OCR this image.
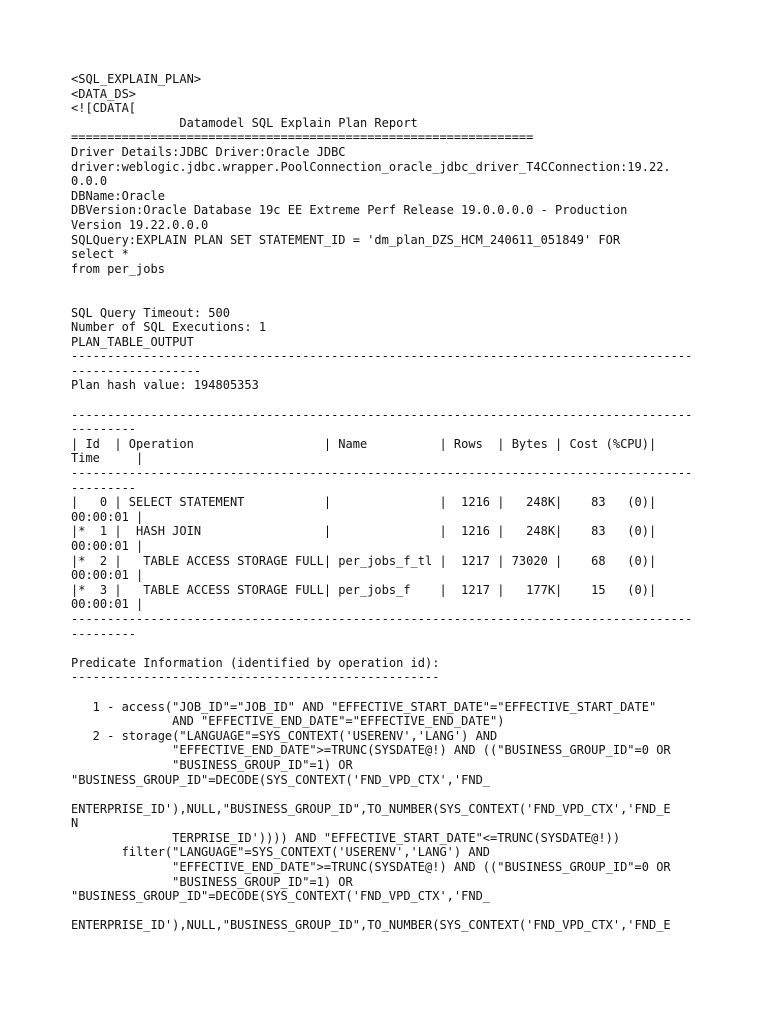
<SQL_EXPLAIN_PLAN>
<DATA_DS>
<![CDATA[
Datamodel SQL Explain Plan Report
================================================================
Driver Details:JDBC Driver:Oracle JDBC
driver:weblogic.jdbc.wrapper.PoolConnection_oracle_jdbc_driver_T4CConnection:19.22.
0.0.0
DBName:Oracle
DBVersion:Oracle Database 19c EE Extreme Perf Release 19.0.0.0.0 - Production
Version 19.22.0.0.0
SQLQuery:EXPLAIN PLAN SET STATEMENT_ID = 'dm_plan_DZS_HCM_240611_051849' FOR
select *
from per_jobs
SQL Query Timeout: 500
Number of SQL Executions: 1
PLAN_TABLE_OUTPUT
--------------------------------------------------------------------------------------
------------------
Plan hash value: 194805353
--------------------------------------------------------------------------------------
---------
| Id  | Operation                  | Name          | Rows  | Bytes | Cost (%CPU)|
Time     |
--------------------------------------------------------------------------------------
---------
|   0 | SELECT STATEMENT           |               |  1216 |   248K|    83   (0)|
00:00:01 |
|*  1 |  HASH JOIN                 |               |  1216 |   248K|    83   (0)|
00:00:01 |
|*  2 |   TABLE ACCESS STORAGE FULL| per_jobs_f_tl |  1217 | 73020 |    68   (0)|
00:00:01 |
|*  3 |   TABLE ACCESS STORAGE FULL| per_jobs_f    |  1217 |   177K|    15   (0)|
00:00:01 |
--------------------------------------------------------------------------------------
---------
Predicate Information (identified by operation id):
---------------------------------------------------
1 - access("JOB_ID"="JOB_ID" AND "EFFECTIVE_START_DATE"="EFFECTIVE_START_DATE"
AND "EFFECTIVE_END_DATE"="EFFECTIVE_END_DATE")
2 - storage("LANGUAGE"=SYS_CONTEXT('USERENV','LANG') AND
"EFFECTIVE_END_DATE">=TRUNC(SYSDATE@!) AND (("BUSINESS_GROUP_ID"=0 OR
"BUSINESS_GROUP_ID"=1) OR
"BUSINESS_GROUP_ID"=DECODE(SYS_CONTEXT('FND_VPD_CTX','FND_
ENTERPRISE_ID'),NULL,"BUSINESS_GROUP_ID",TO_NUMBER(SYS_CONTEXT('FND_VPD_CTX','FND_E
N
TERPRISE_ID')))) AND "EFFECTIVE_START_DATE"<=TRUNC(SYSDATE@!))
filter("LANGUAGE"=SYS_CONTEXT('USERENV','LANG') AND
"EFFECTIVE_END_DATE">=TRUNC(SYSDATE@!) AND (("BUSINESS_GROUP_ID"=0 OR
"BUSINESS_GROUP_ID"=1) OR
"BUSINESS_GROUP_ID"=DECODE(SYS_CONTEXT('FND_VPD_CTX','FND_
ENTERPRISE_ID'),NULL,"BUSINESS_GROUP_ID",TO_NUMBER(SYS_CONTEXT('FND_VPD_CTX','FND_E
